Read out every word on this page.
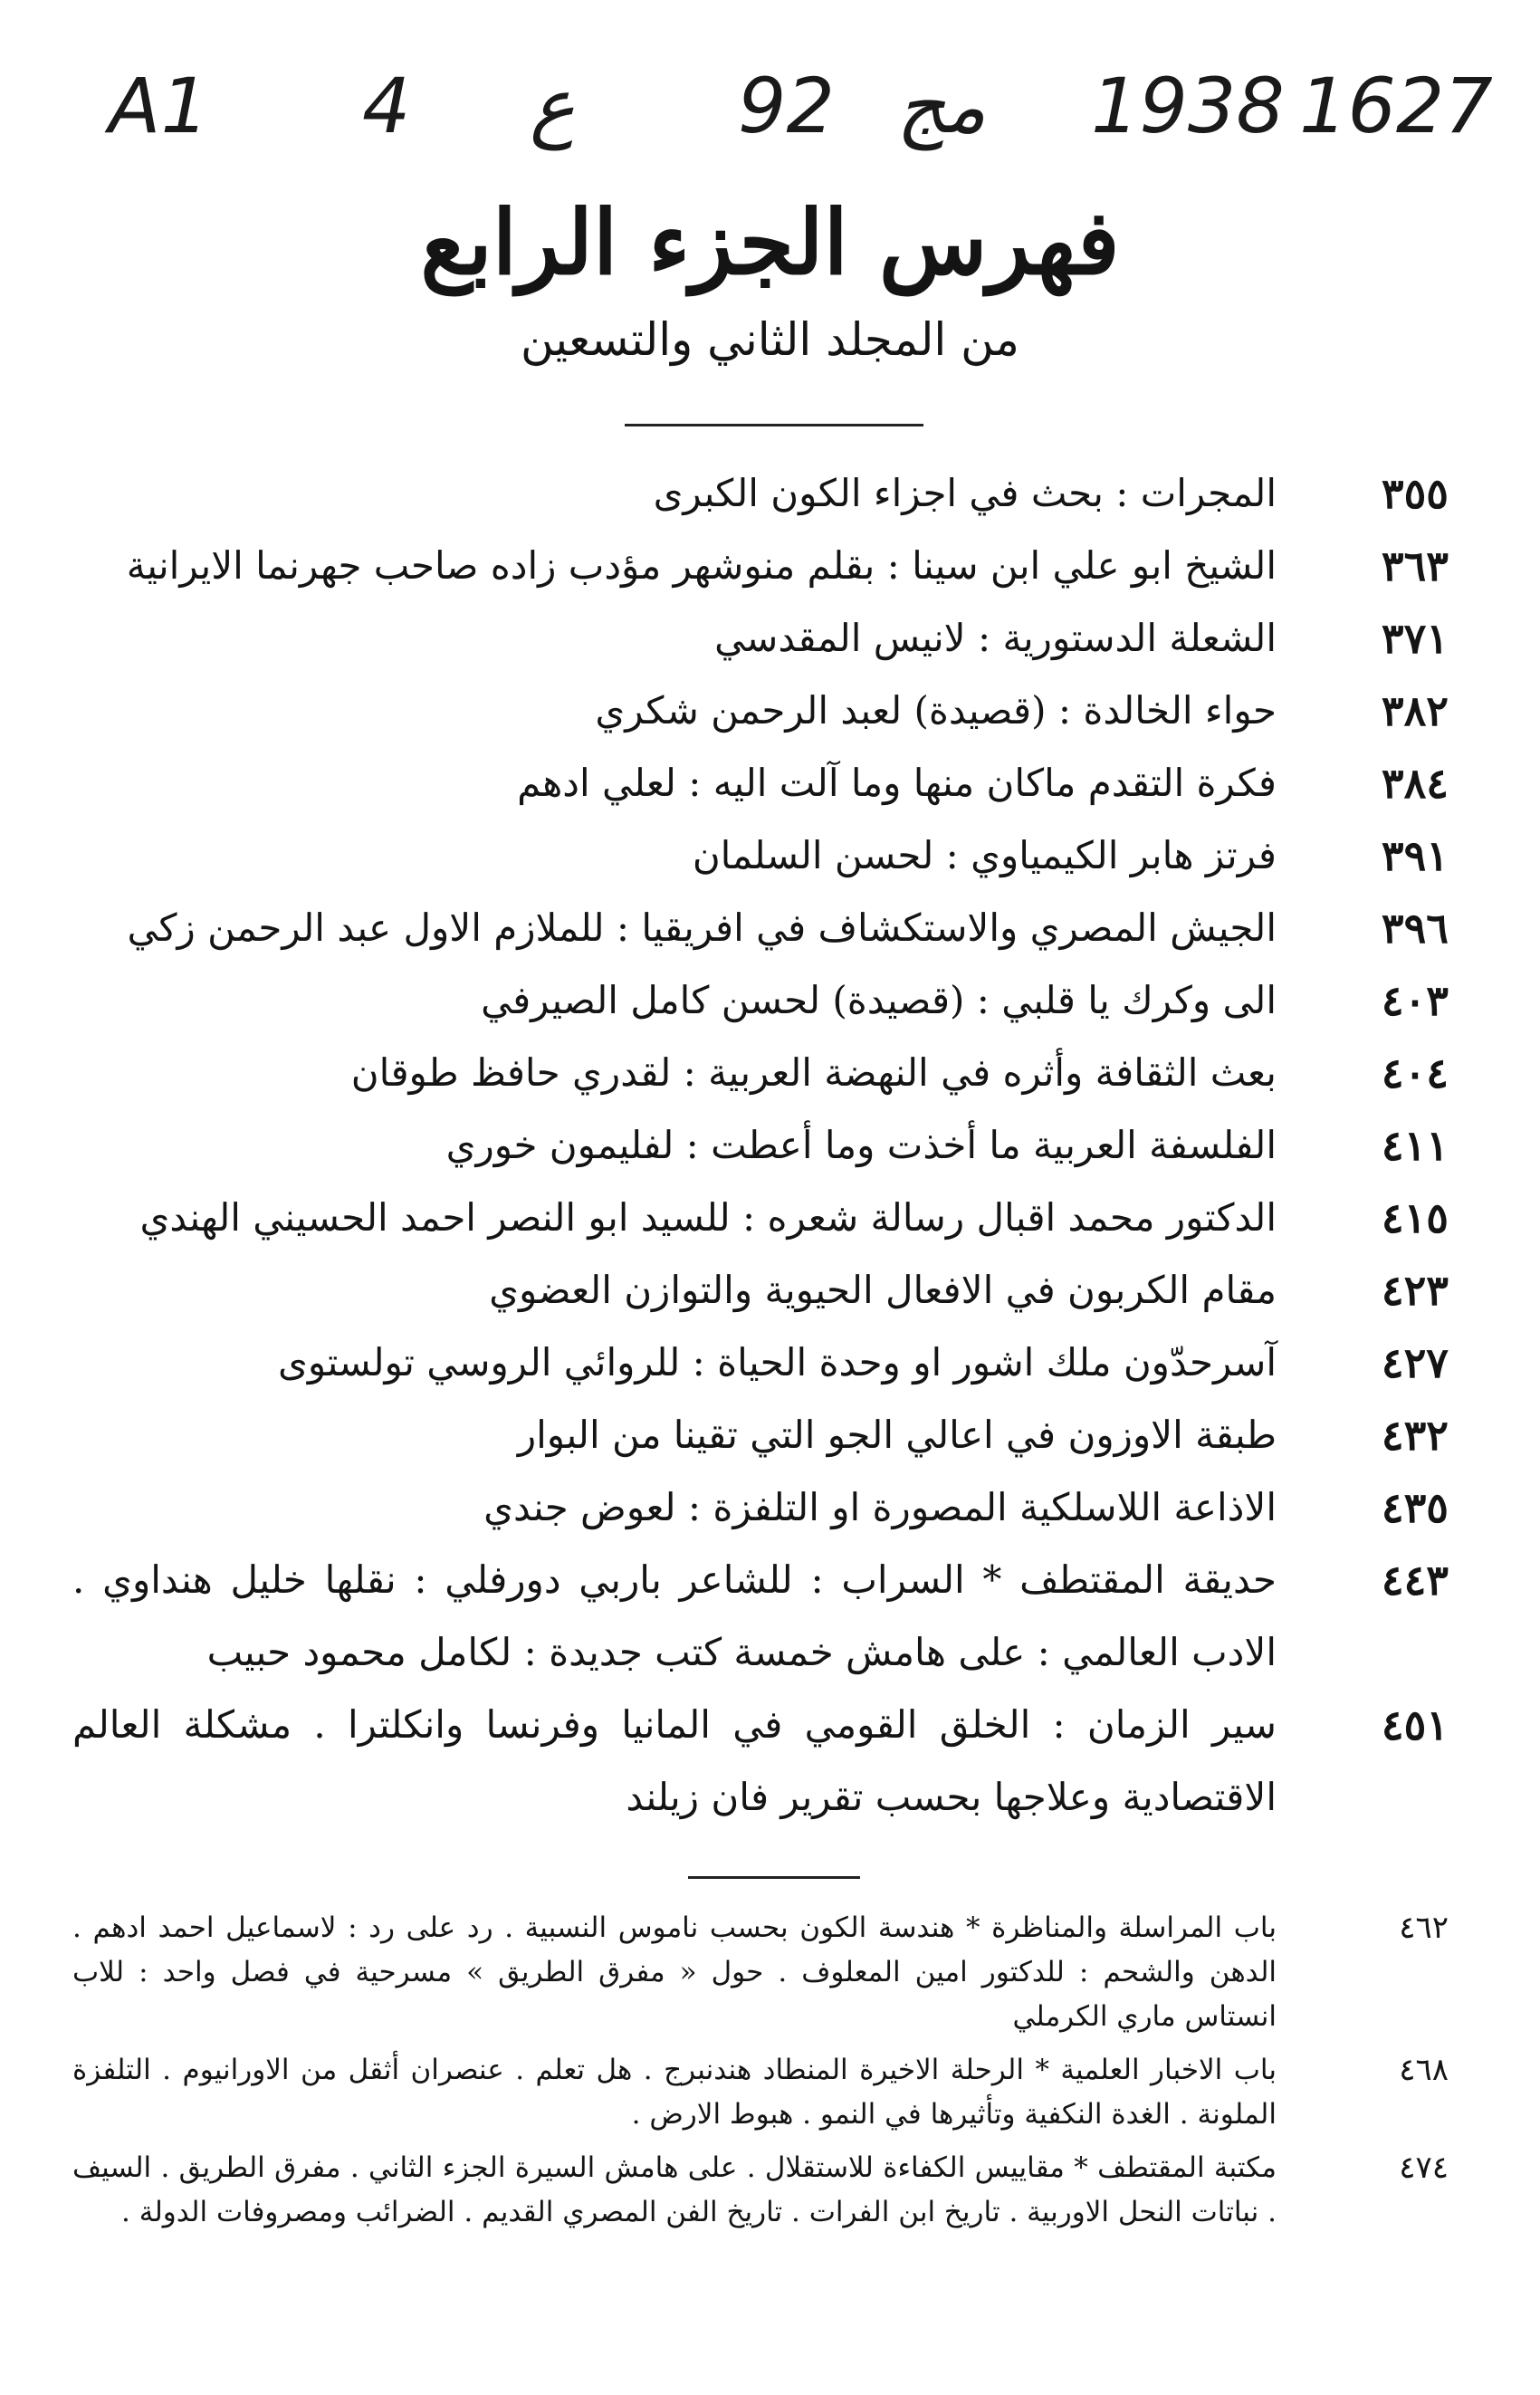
A1 4 ع 92 مج 1938 1627
فهرس الجزء الرابع
من المجلد الثاني والتسعين
٣٥٥
المجرات : بحث في اجزاء الكون الكبرى
٣٦٣
الشيخ ابو علي ابن سينا : بقلم منوشهر مؤدب زاده صاحب جهرنما الايرانية
٣٧١
الشعلة الدستورية : لانيس المقدسي
٣٨٢
حواء الخالدة : (قصيدة) لعبد الرحمن شكري
٣٨٤
فكرة التقدم ماكان منها وما آلت اليه : لعلي ادهم
٣٩١
فرتز هابر الكيمياوي : لحسن السلمان
٣٩٦
الجيش المصري والاستكشاف في افريقيا : للملازم الاول عبد الرحمن زكي
٤٠٣
الى وكرك يا قلبي : (قصيدة) لحسن كامل الصيرفي
٤٠٤
بعث الثقافة وأثره في النهضة العربية : لقدري حافظ طوقان
٤١١
الفلسفة العربية ما أخذت وما أعطت : لفليمون خوري
٤١٥
الدكتور محمد اقبال رسالة شعره : للسيد ابو النصر احمد الحسيني الهندي
٤٢٣
مقام الكربون في الافعال الحيوية والتوازن العضوي
٤٢٧
آسرحدّون ملك اشور او وحدة الحياة : للروائي الروسي تولستوى
٤٣٢
طبقة الاوزون في اعالي الجو التي تقينا من البوار
٤٣٥
الاذاعة اللاسلكية المصورة او التلفزة : لعوض جندي
٤٤٣
حديقة المقتطف * السراب : للشاعر باربي دورفلي : نقلها خليل هنداوي . الادب العالمي : على هامش خمسة كتب جديدة : لكامل محمود حبيب
٤٥١
سير الزمان : الخلق القومي في المانيا وفرنسا وانكلترا . مشكلة العالم الاقتصادية وعلاجها بحسب تقرير فان زيلند
٤٦٢
باب المراسلة والمناظرة * هندسة الكون بحسب ناموس النسبية . رد على رد : لاسماعيل احمد ادهم . الدهن والشحم : للدكتور امين المعلوف . حول « مفرق الطريق » مسرحية في فصل واحد : للاب انستاس ماري الكرملي
٤٦٨
باب الاخبار العلمية * الرحلة الاخيرة المنطاد هندنبرج . هل تعلم . عنصران أثقل من الاورانيوم . التلفزة الملونة . الغدة النكفية وتأثيرها في النمو . هبوط الارض .
٤٧٤
مكتبة المقتطف * مقاييس الكفاءة للاستقلال . على هامش السيرة الجزء الثاني . مفرق الطريق . السيف . نباتات النحل الاوربية . تاريخ ابن الفرات . تاريخ الفن المصري القديم . الضرائب ومصروفات الدولة .
